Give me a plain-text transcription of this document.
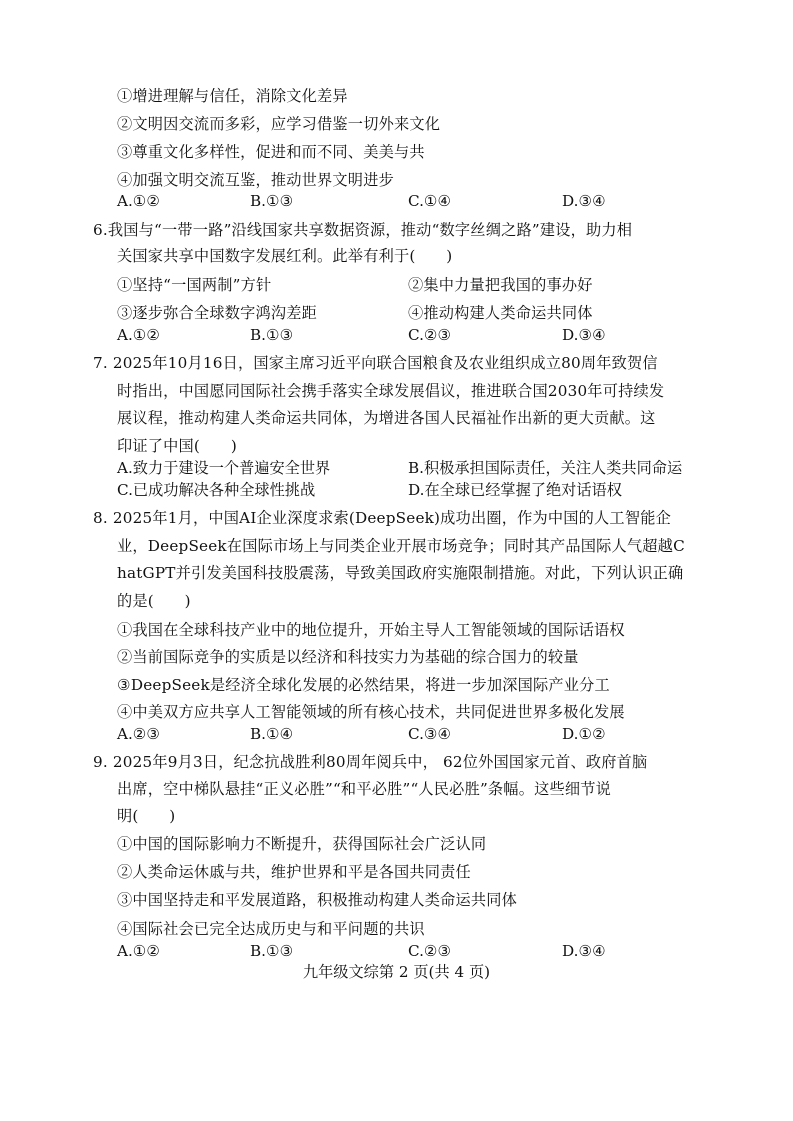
①增进理解与信任，消除文化差异
②文明因交流而多彩，应学习借鉴一切外来文化
③尊重文化多样性，促进和而不同、美美与共
④加强文明交流互鉴，推动世界文明进步
A.①②	B.①③	C.①④	D.③④
6.我国与“一带一路”沿线国家共享数据资源，推动“数字丝绸之路”建设，助力相
关国家共享中国数字发展红利。此举有利于(　　)
①坚持“一国两制”方针	②集中力量把我国的事办好
③逐步弥合全球数字鸿沟差距	④推动构建人类命运共同体
A.①②	B.①③	C.②③	D.③④
7. 2025年10月16日，国家主席习近平向联合国粮食及农业组织成立80周年致贺信
时指出，中国愿同国际社会携手落实全球发展倡议，推进联合国2030年可持续发
展议程，推动构建人类命运共同体，为增进各国人民福祉作出新的更大贡献。这
印证了中国(　　)
A.致力于建设一个普遍安全世界	B.积极承担国际责任，关注人类共同命运
C.已成功解决各种全球性挑战	D.在全球已经掌握了绝对话语权
8. 2025年1月，中国AI企业深度求索(DeepSeek)成功出圈，作为中国的人工智能企
业，DeepSeek在国际市场上与同类企业开展市场竞争；同时其产品国际人气超越C
hatGPT并引发美国科技股震荡，导致美国政府实施限制措施。对此，下列认识正确
的是(　　)
①我国在全球科技产业中的地位提升，开始主导人工智能领域的国际话语权
②当前国际竞争的实质是以经济和科技实力为基础的综合国力的较量
③DeepSeek是经济全球化发展的必然结果，将进一步加深国际产业分工
④中美双方应共享人工智能领域的所有核心技术，共同促进世界多极化发展
A.②③	B.①④	C.③④	D.①②
9. 2025年9月3日，纪念抗战胜利80周年阅兵中， 62位外国国家元首、政府首脑
出席，空中梯队悬挂“正义必胜”“和平必胜”“人民必胜”条幅。这些细节说
明(　　)
①中国的国际影响力不断提升，获得国际社会广泛认同
②人类命运休戚与共，维护世界和平是各国共同责任
③中国坚持走和平发展道路，积极推动构建人类命运共同体
④国际社会已完全达成历史与和平问题的共识
A.①②	B.①③	C.②③	D.③④
九年级文综第 2 页(共 4 页)
